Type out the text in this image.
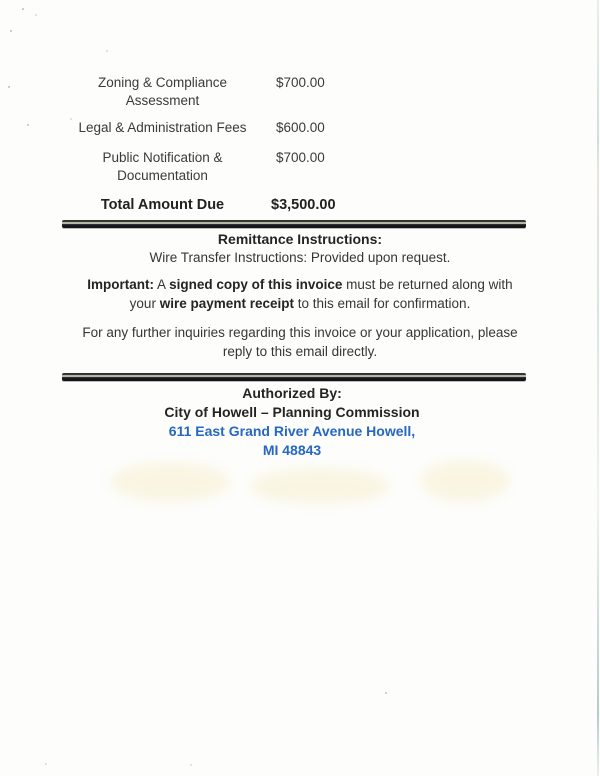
Zoning & Compliance
Assessment
$700.00
Legal & Administration Fees	$600.00
Public Notification &
Documentation
$700.00
Total Amount Due	$3,500.00
Remittance Instructions:
Wire Transfer Instructions: Provided upon request.
Important: A signed copy of this invoice must be returned along with
your wire payment receipt to this email for confirmation.
For any further inquiries regarding this invoice or your application, please
reply to this email directly.
Authorized By:
City of Howell – Planning Commission
611 East Grand River Avenue Howell,
MI 48843
